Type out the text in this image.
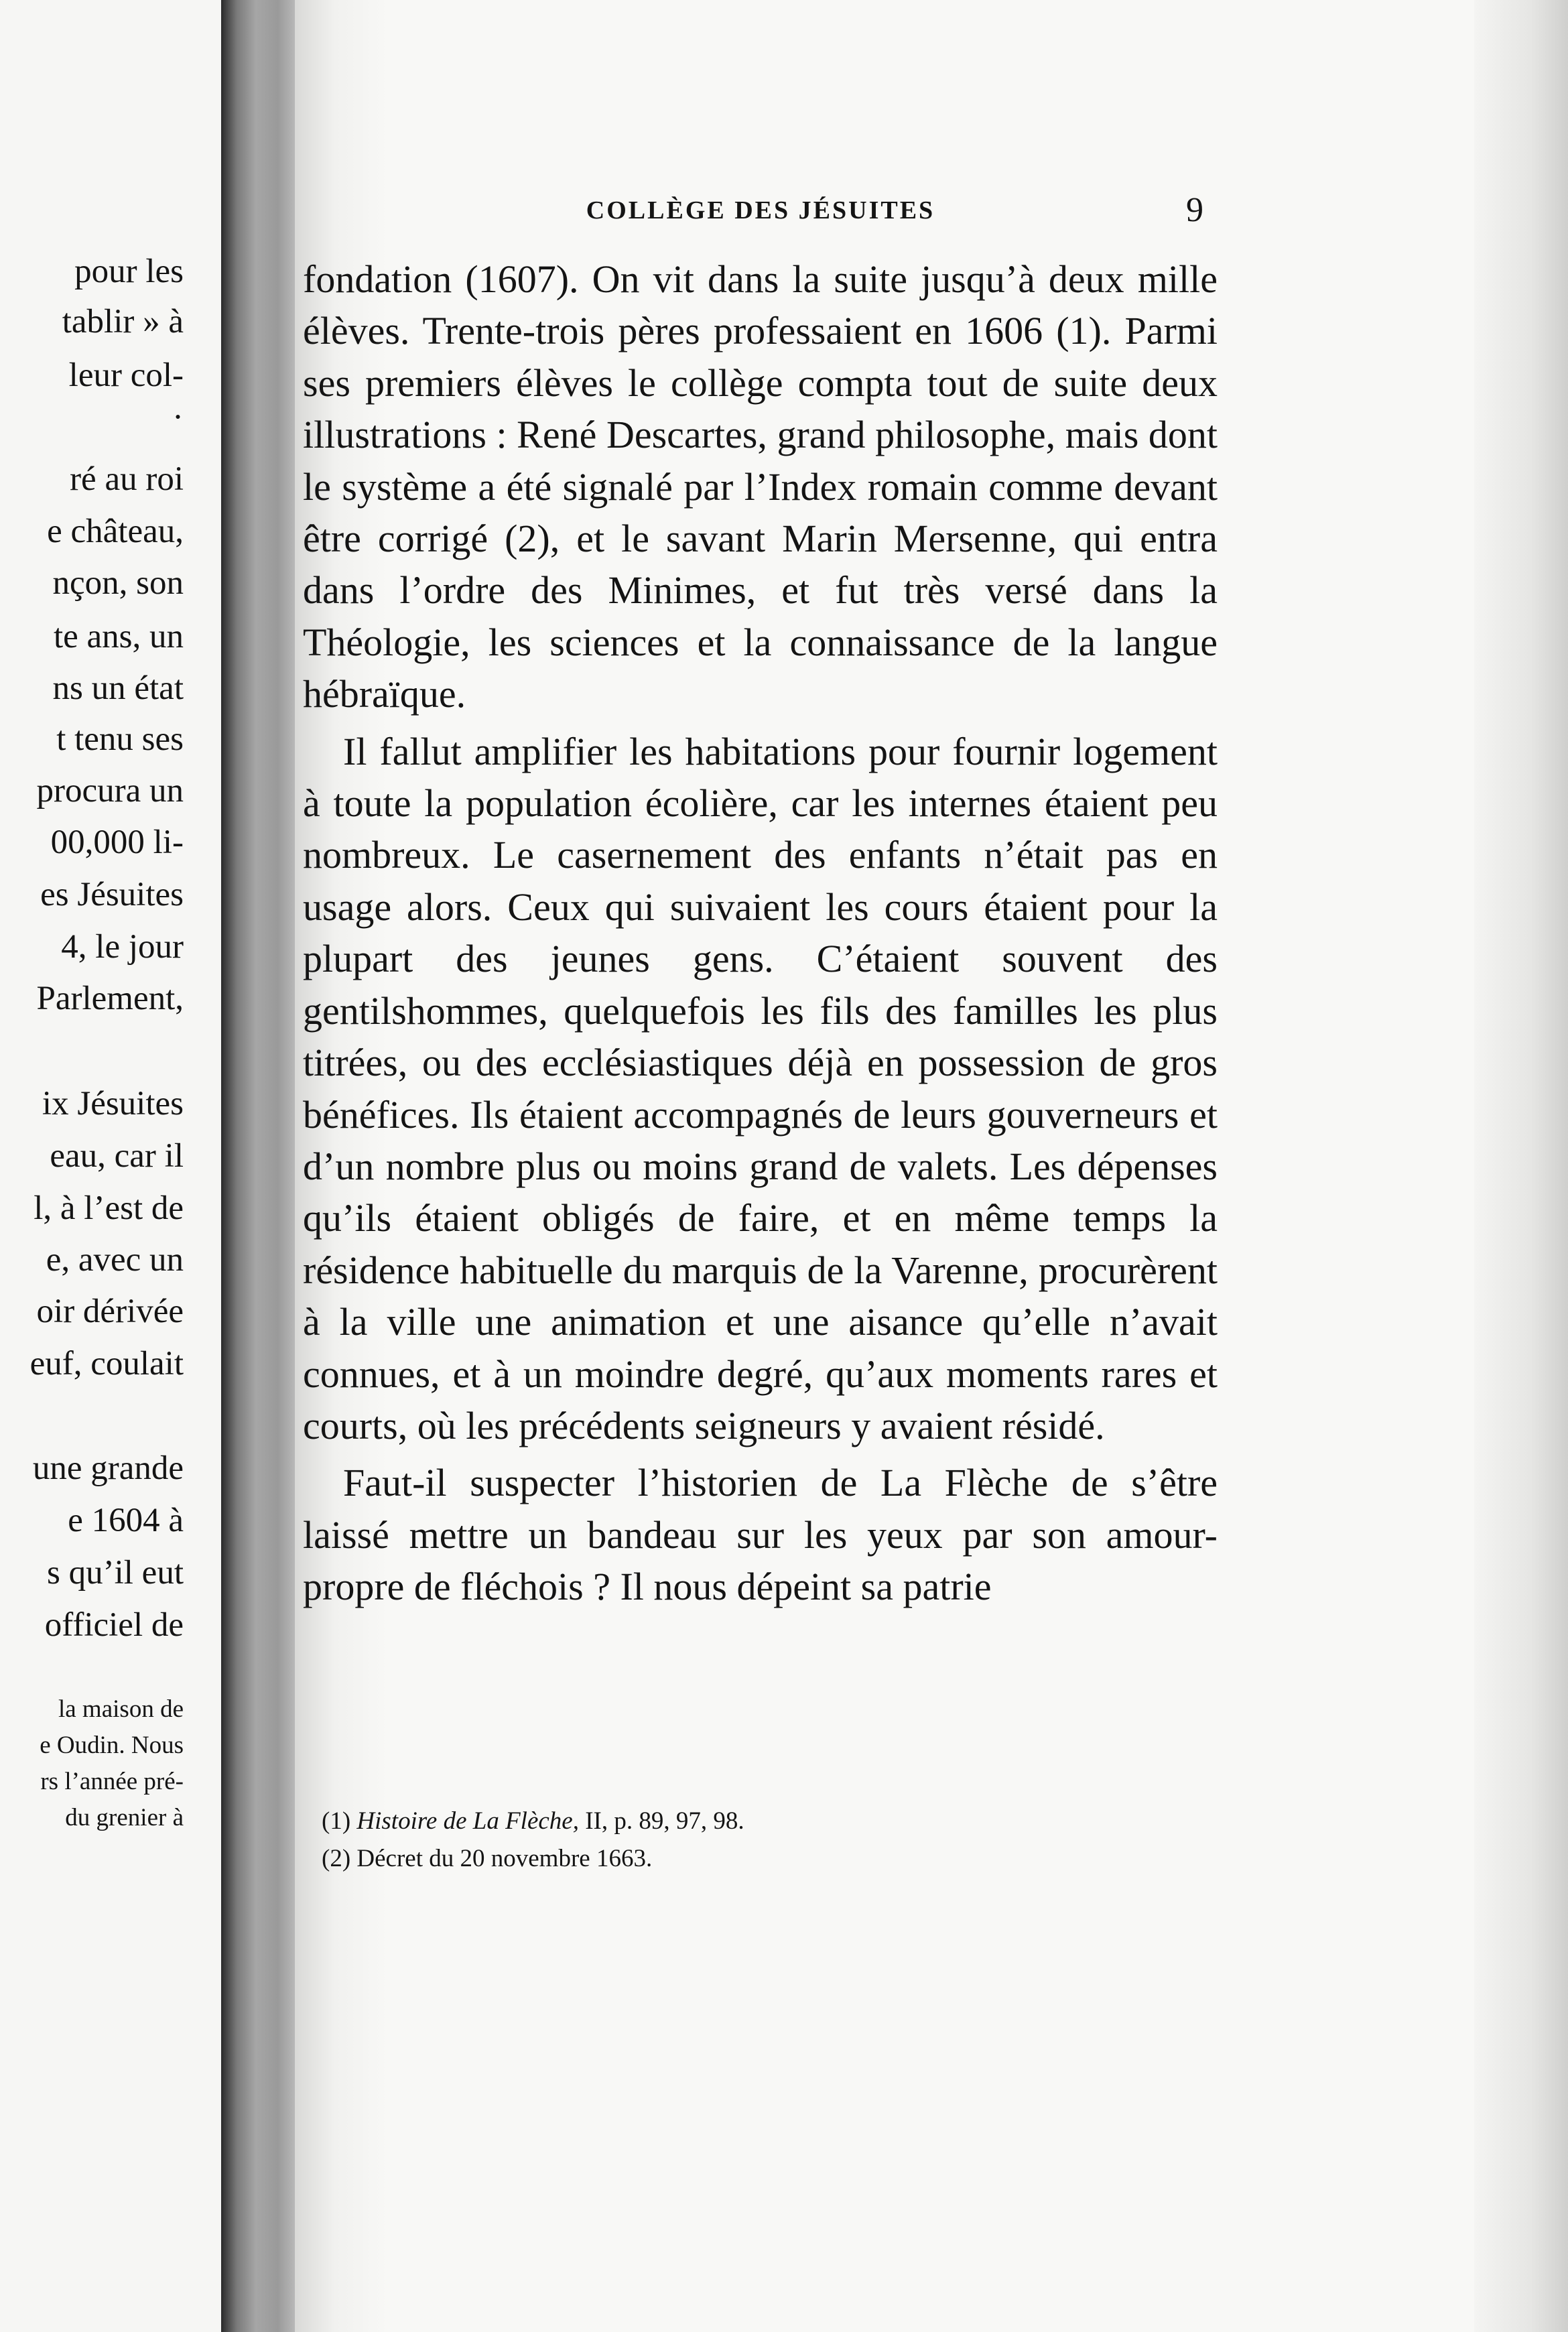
pour les
tablir » à
leur col-
·
ré au roi
e château,
nçon, son
te ans, un
ns un état
t tenu ses
procura un
00,000 li-
es Jésuites
4, le jour
Parlement,
ix Jésuites
eau, car il
l, à l’est de
e, avec un
oir dérivée
euf, coulait
une grande
e 1604 à
s qu’il eut
officiel de
la maison de
e Oudin. Nous
rs l’année pré-
du grenier à
COLLÈGE DES JÉSUITES	9

fondation (1607). On vit dans la suite jusqu’à deux mille élèves. Trente-trois pères professaient en 1606 (1). Parmi ses premiers élèves le collège compta tout de suite deux illustrations : René Descartes, grand philosophe, mais dont le système a été signalé par l’Index romain comme devant être corrigé (2), et le savant Marin Mersenne, qui entra dans l’ordre des Minimes, et fut très versé dans la Théologie, les sciences et la connaissance de la langue hébraïque.

Il fallut amplifier les habitations pour fournir logement à toute la population écolière, car les internes étaient peu nombreux. Le casernement des enfants n’était pas en usage alors. Ceux qui suivaient les cours étaient pour la plupart des jeunes gens. C’étaient souvent des gentilshommes, quelquefois les fils des familles les plus titrées, ou des ecclésiastiques déjà en possession de gros bénéfices. Ils étaient accompagnés de leurs gouverneurs et d’un nombre plus ou moins grand de valets. Les dépenses qu’ils étaient obligés de faire, et en même temps la résidence habituelle du marquis de la Varenne, procurèrent à la ville une animation et une aisance qu’elle n’avait connues, et à un moindre degré, qu’aux moments rares et courts, où les précédents seigneurs y avaient résidé.

Faut-il suspecter l’historien de La Flèche de s’être laissé mettre un bandeau sur les yeux par son amour-propre de fléchois ? Il nous dépeint sa patrie

(1) Histoire de La Flèche, II, p. 89, 97, 98.

(2) Décret du 20 novembre 1663.
